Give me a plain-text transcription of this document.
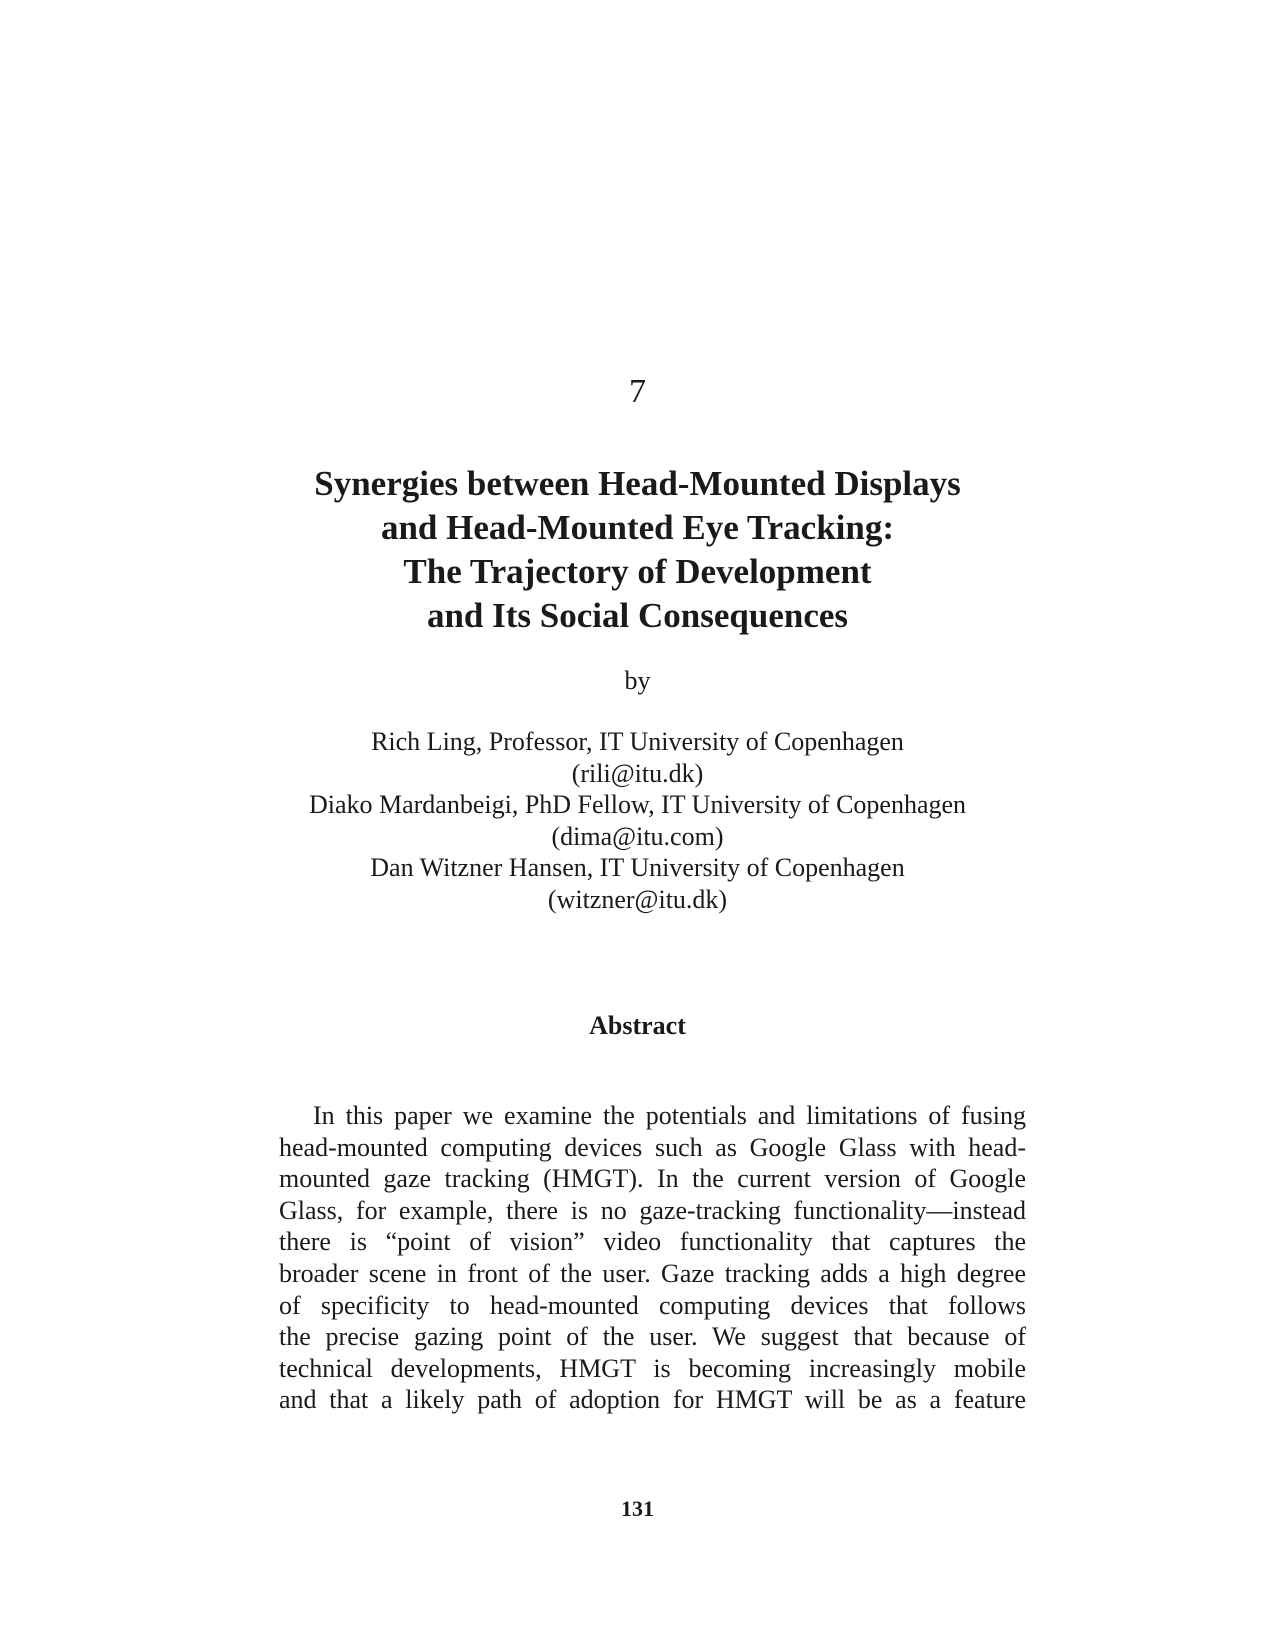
7
Synergies between Head-Mounted Displays
and Head-Mounted Eye Tracking:
The Trajectory of Development
and Its Social Consequences
by
Rich Ling, Professor, IT University of Copenhagen
(rili@itu.dk)
Diako Mardanbeigi, PhD Fellow, IT University of Copenhagen
(dima@itu.com)
Dan Witzner Hansen, IT University of Copenhagen
(witzner@itu.dk)
Abstract
In this paper we examine the potentials and limitations of fusing
head-mounted computing devices such as Google Glass with head-
mounted gaze tracking (HMGT). In the current version of Google
Glass, for example, there is no gaze-tracking functionality—instead
there is “point of vision” video functionality that captures the
broader scene in front of the user. Gaze tracking adds a high degree
of specificity to head-mounted computing devices that follows
the precise gazing point of the user. We suggest that because of
technical developments, HMGT is becoming increasingly mobile
and that a likely path of adoption for HMGT will be as a feature
131
